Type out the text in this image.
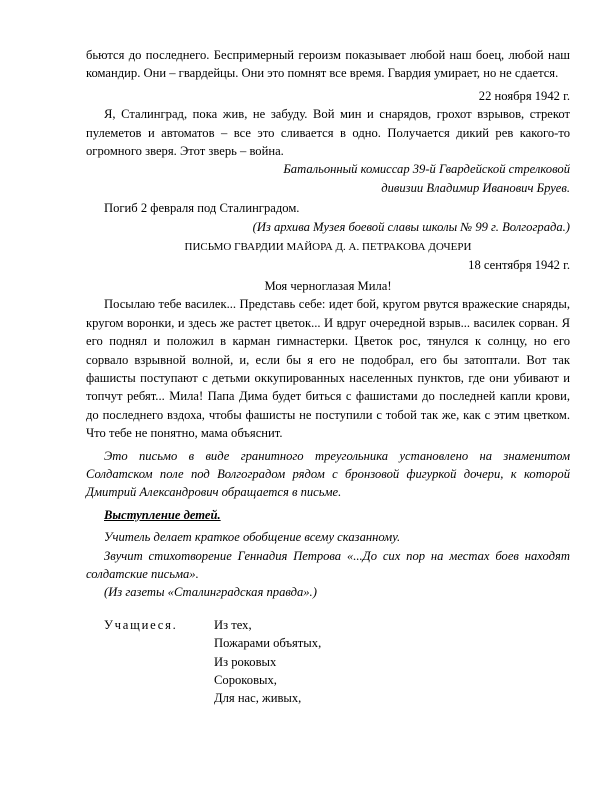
бьются до последнего. Беспримерный героизм показывает любой наш боец, любой наш командир. Они – гвардейцы. Они это помнят все время. Гвардия умирает, но не сдается.

22 ноября 1942 г.

Я, Сталинград, пока жив, не забуду. Вой мин и снарядов, грохот взрывов, стрекот пулеметов и автоматов – все это сливается в одно. Получается дикий рев какого-то огромного зверя. Этот зверь – война.

Батальонный комиссар 39-й Гвардейской стрелковой

дивизии Владимир Иванович Бруев.

Погиб 2 февраля под Сталинградом.

(Из архива Музея боевой славы школы № 99 г. Волгограда.)

ПИСЬМО ГВАРДИИ МАЙОРА Д. А. ПЕТРАКОВА ДОЧЕРИ

18 сентября 1942 г.

Моя черноглазая Мила!

Посылаю тебе василек... Представь себе: идет бой, кругом рвутся вражеские снаряды, кругом воронки, и здесь же растет цветок... И вдруг очередной взрыв... василек сорван. Я его поднял и положил в карман гимнастерки. Цветок рос, тянулся к солнцу, но его сорвало взрывной волной, и, если бы я его не подобрал, его бы затоптали. Вот так фашисты поступают с детьми оккупированных населенных пунктов, где они убивают и топчут ребят... Мила! Папа Дима будет биться с фашистами до последней капли крови, до последнего вздоха, чтобы фашисты не поступили с тобой так же, как с этим цветком. Что тебе не понятно, мама объяснит.

Это письмо в виде гранитного треугольника установлено на знаменитом Солдатском поле под Волгоградом рядом с бронзовой фигуркой дочери, к которой Дмитрий Александрович обращается в письме.

Выступление детей.

Учитель делает краткое обобщение всему сказанному.

Звучит стихотворение Геннадия Петрова «...До сих пор на местах боев находят солдатские письма».

(Из газеты «Сталинградская правда».)

Учащиеся.	Из тех,
Пожарами объятых,
Из роковых
Сороковых,
Для нас, живых,
